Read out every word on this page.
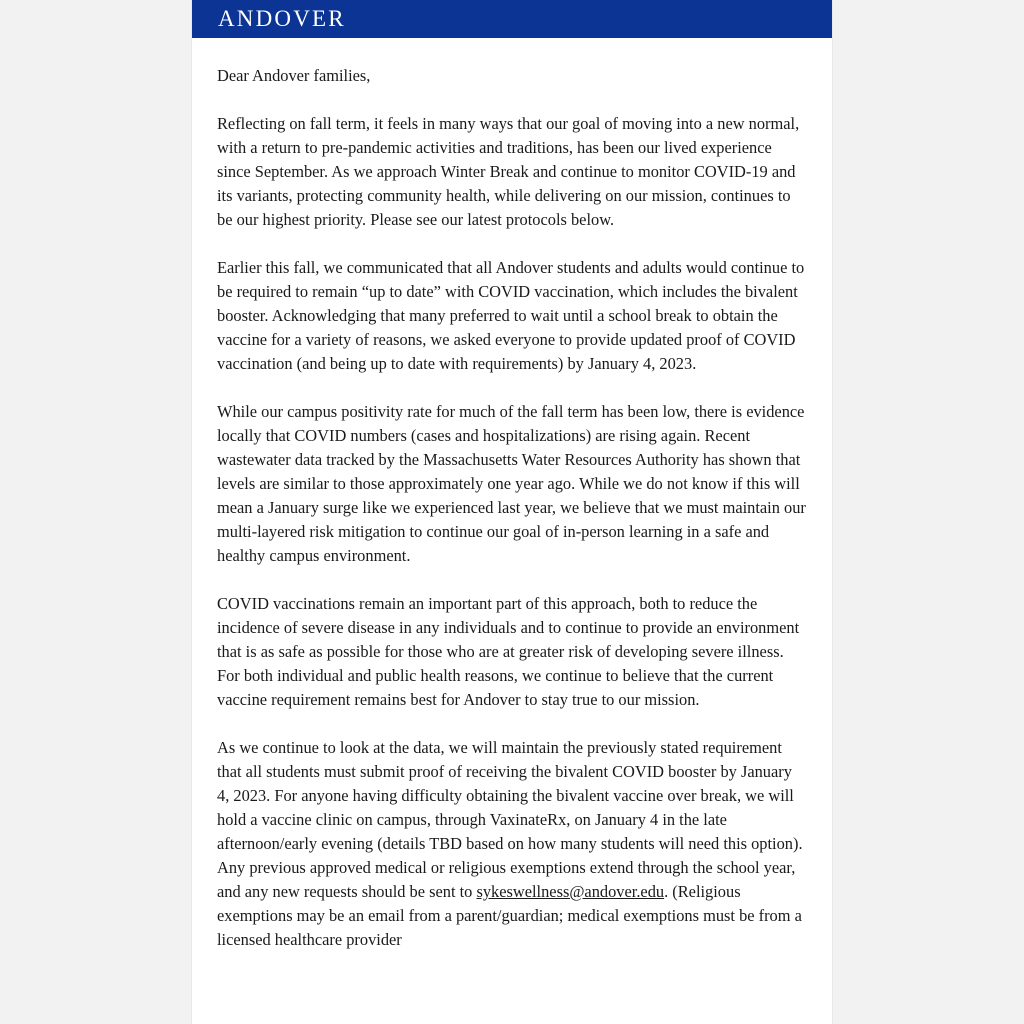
ANDOVER

Dear Andover families,

Reflecting on fall term, it feels in many ways that our goal of moving into a new normal, with a return to pre-pandemic activities and traditions, has been our lived experience since September. As we approach Winter Break and continue to monitor COVID-19 and its variants, protecting community health, while delivering on our mission, continues to be our highest priority. Please see our latest protocols below.

Earlier this fall, we communicated that all Andover students and adults would continue to be required to remain “up to date” with COVID vaccination, which includes the bivalent booster. Acknowledging that many preferred to wait until a school break to obtain the vaccine for a variety of reasons, we asked everyone to provide updated proof of COVID vaccination (and being up to date with requirements) by January 4, 2023.

While our campus positivity rate for much of the fall term has been low, there is evidence locally that COVID numbers (cases and hospitalizations) are rising again. Recent wastewater data tracked by the Massachusetts Water Resources Authority has shown that levels are similar to those approximately one year ago. While we do not know if this will mean a January surge like we experienced last year, we believe that we must maintain our multi-layered risk mitigation to continue our goal of in-person learning in a safe and healthy campus environment.

COVID vaccinations remain an important part of this approach, both to reduce the incidence of severe disease in any individuals and to continue to provide an environment that is as safe as possible for those who are at greater risk of developing severe illness. For both individual and public health reasons, we continue to believe that the current vaccine requirement remains best for Andover to stay true to our mission.

As we continue to look at the data, we will maintain the previously stated requirement that all students must submit proof of receiving the bivalent COVID booster by January 4, 2023. For anyone having difficulty obtaining the bivalent vaccine over break, we will hold a vaccine clinic on campus, through VaxinateRx, on January 4 in the late afternoon/early evening (details TBD based on how many students will need this option). Any previous approved medical or religious exemptions extend through the school year, and any new requests should be sent to sykeswellness@andover.edu. (Religious exemptions may be an email from a parent/guardian; medical exemptions must be from a licensed healthcare provider
